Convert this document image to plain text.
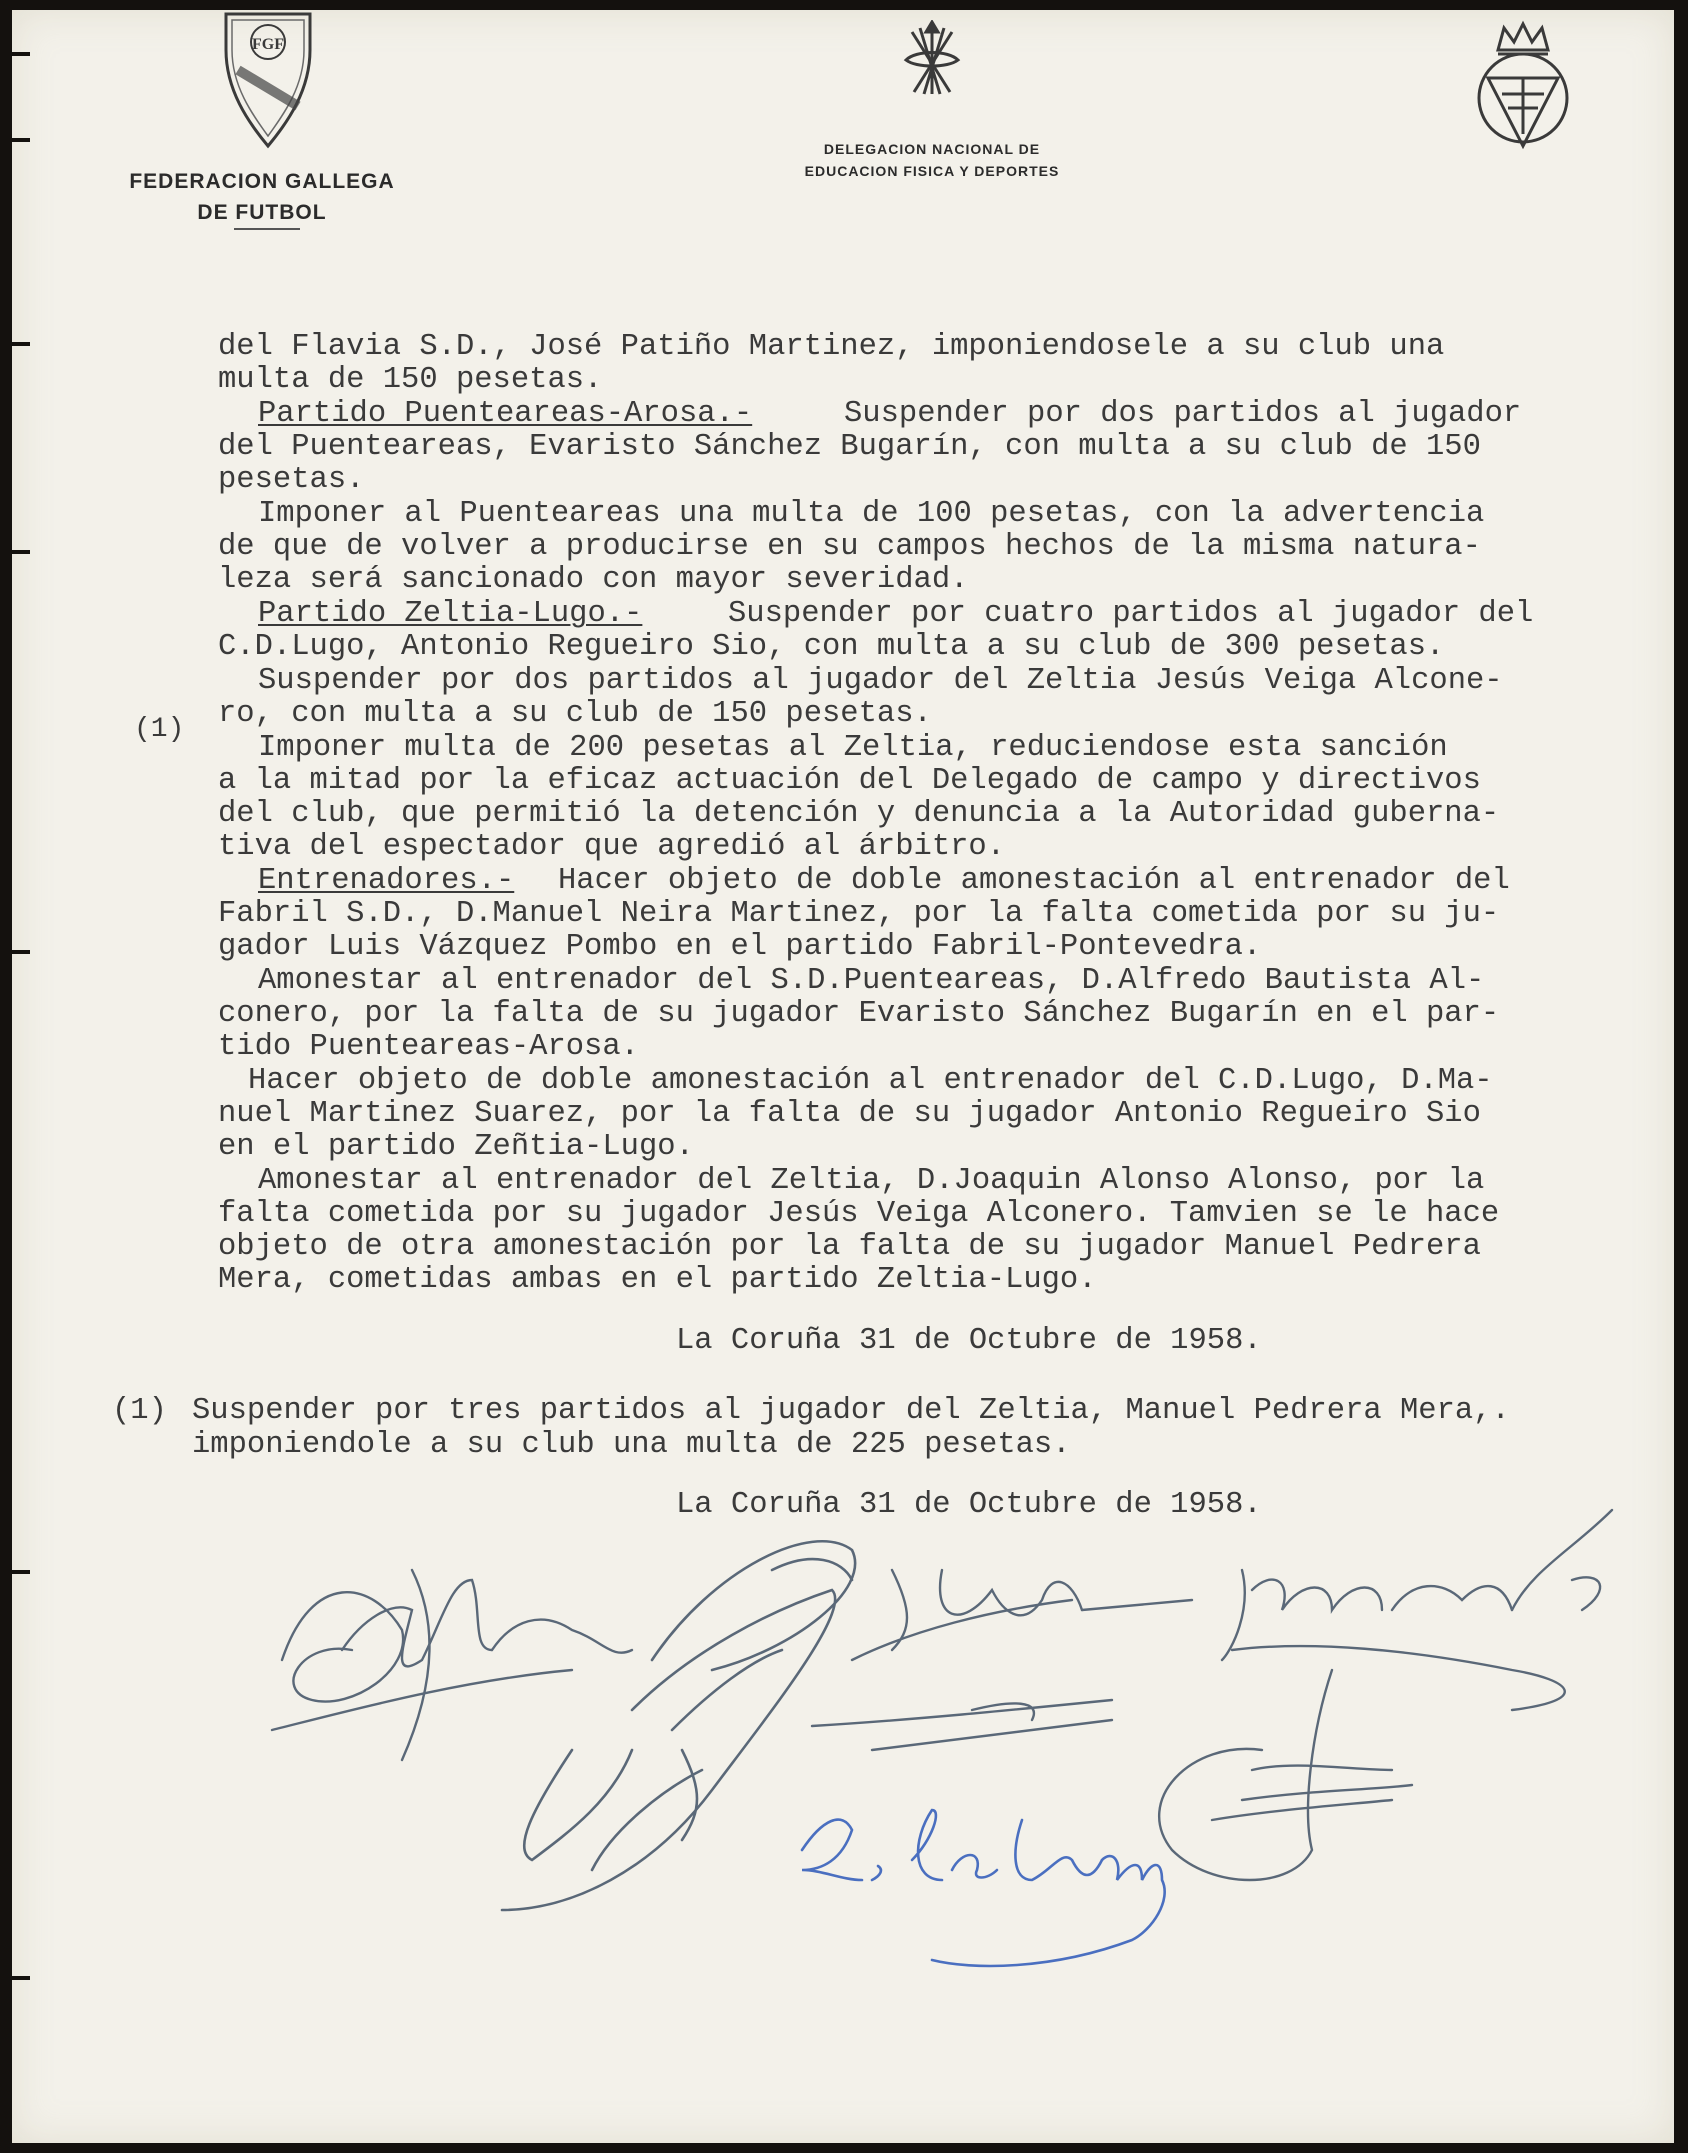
FGF
FEDERACION GALLEGA
DE FUTBOL
DELEGACION NACIONAL DE
EDUCACION FISICA Y DEPORTES
del Flavia S.D., José Patiño Martinez, imponiendosele a su club una
multa de 150 pesetas.
Partido Puenteareas-Arosa.-	Suspender por dos partidos al jugador
del Puenteareas, Evaristo Sánchez Bugarín, con multa a su club de 150
pesetas.
Imponer al Puenteareas una multa de 100 pesetas, con la advertencia
de que de volver a producirse en su campos hechos de la misma natura-
leza será sancionado con mayor severidad.
Partido Zeltia-Lugo.-	Suspender por cuatro partidos al jugador del
C.D.Lugo, Antonio Regueiro Sio, con multa a su club de 300 pesetas.
Suspender por dos partidos al jugador del Zeltia Jesús Veiga Alcone-
(1) ro, con multa a su club de 150 pesetas.
Imponer multa de 200 pesetas al Zeltia, reduciendose esta sanción
a la mitad por la eficaz actuación del Delegado de campo y directivos
del club, que permitió la detención y denuncia a la Autoridad guberna-
tiva del espectador que agredió al árbitro.
Entrenadores.- Hacer objeto de doble amonestación al entrenador del
Fabril S.D., D.Manuel Neira Martinez, por la falta cometida por su ju-
gador Luis Vázquez Pombo en el partido Fabril-Pontevedra.
Amonestar al entrenador del S.D.Puenteareas, D.Alfredo Bautista Al-
conero, por la falta de su jugador Evaristo Sánchez Bugarín en el par-
tido Puenteareas-Arosa.
Hacer objeto de doble amonestación al entrenador del C.D.Lugo, D.Ma-
nuel Martinez Suarez, por la falta de su jugador Antonio Regueiro Sio
en el partido Zeñtia-Lugo.
Amonestar al entrenador del Zeltia, D.Joaquin Alonso Alonso, por la
falta cometida por su jugador Jesús Veiga Alconero. Tamvien se le hace
objeto de otra amonestación por la falta de su jugador Manuel Pedrera
Mera, cometidas ambas en el partido Zeltia-Lugo.
La Coruña 31 de Octubre de 1958.
(1) Suspender por tres partidos al jugador del Zeltia, Manuel Pedrera Mera,.
imponiendole a su club una multa de 225 pesetas.
La Coruña 31 de Octubre de 1958.
